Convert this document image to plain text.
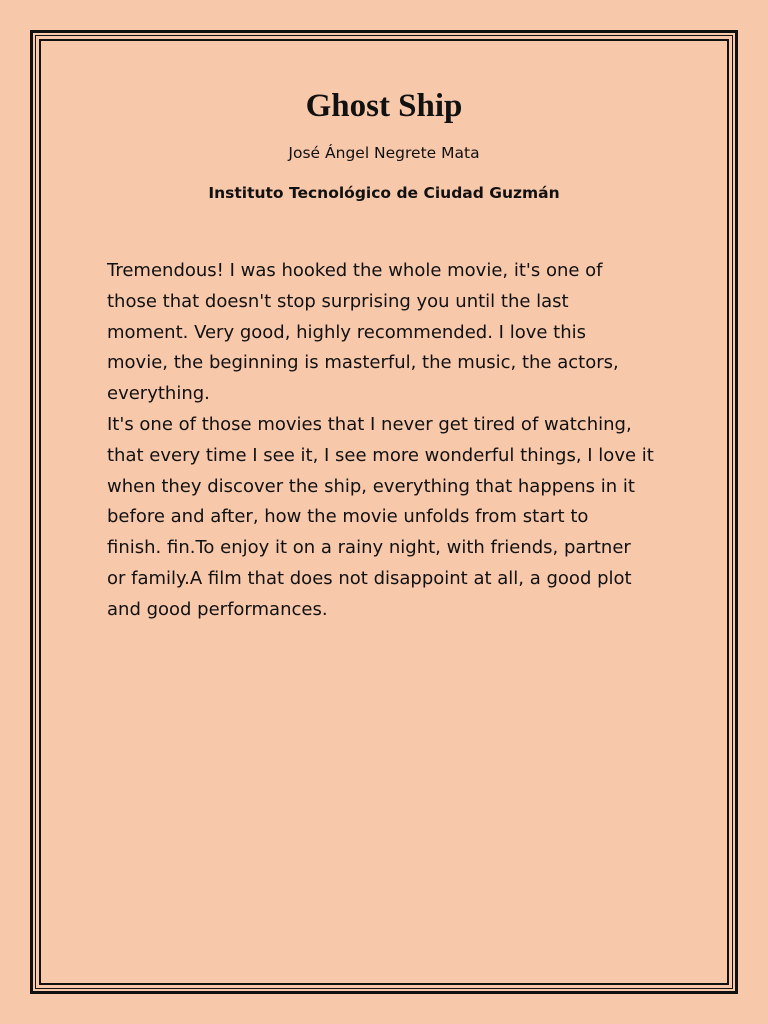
Ghost Ship

José Ángel Negrete Mata

Instituto Tecnológico de Ciudad Guzmán

Tremendous! I was hooked the whole movie, it's one of

those that doesn't stop surprising you until the last

moment. Very good, highly recommended. I love this

movie, the beginning is masterful, the music, the actors,

everything.

It's one of those movies that I never get tired of watching,

that every time I see it, I see more wonderful things, I love it

when they discover the ship, everything that happens in it

before and after, how the movie unfolds from start to

finish. fin.To enjoy it on a rainy night, with friends, partner

or family.A film that does not disappoint at all, a good plot

and good performances.
